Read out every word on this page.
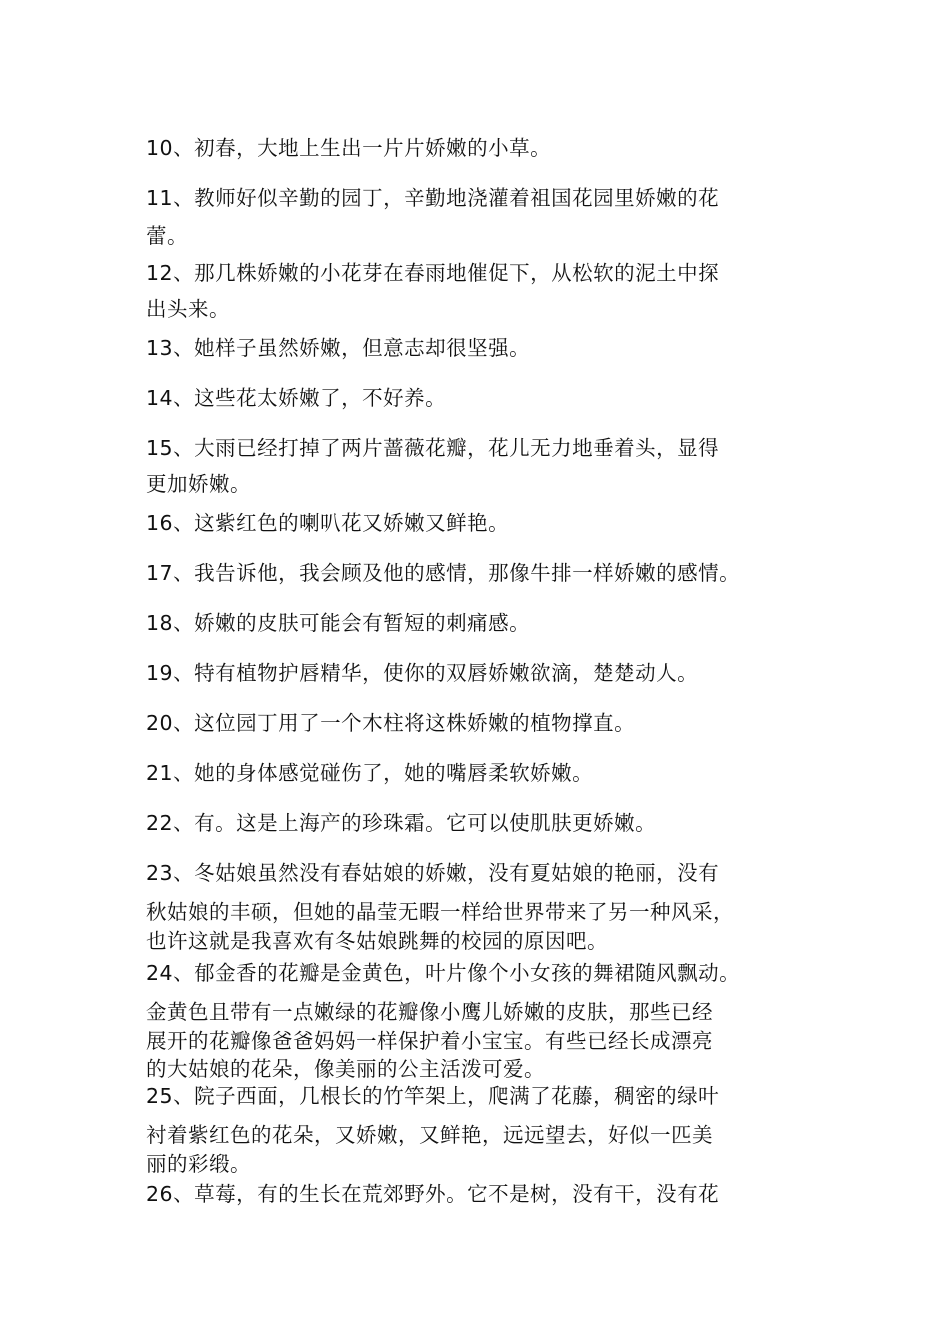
10、初春，大地上生出一片片娇嫩的小草。

11、教师好似辛勤的园丁，辛勤地浇灌着祖国花园里娇嫩的花
蕾。

12、那几株娇嫩的小花芽在春雨地催促下，从松软的泥土中探
出头来。

13、她样子虽然娇嫩，但意志却很坚强。

14、这些花太娇嫩了，不好养。

15、大雨已经打掉了两片蔷薇花瓣，花儿无力地垂着头，显得
更加娇嫩。

16、这紫红色的喇叭花又娇嫩又鲜艳。

17、我告诉他，我会顾及他的感情，那像牛排一样娇嫩的感情。

18、娇嫩的皮肤可能会有暂短的刺痛感。

19、特有植物护唇精华，使你的双唇娇嫩欲滴，楚楚动人。

20、这位园丁用了一个木柱将这株娇嫩的植物撑直。

21、她的身体感觉碰伤了，她的嘴唇柔软娇嫩。

22、有。这是上海产的珍珠霜。它可以使肌肤更娇嫩。

23、冬姑娘虽然没有春姑娘的娇嫩，没有夏姑娘的艳丽，没有
秋姑娘的丰硕，但她的晶莹无暇一样给世界带来了另一种风采，
也许这就是我喜欢有冬姑娘跳舞的校园的原因吧。

24、郁金香的花瓣是金黄色，叶片像个小女孩的舞裙随风飘动。
金黄色且带有一点嫩绿的花瓣像小鹰儿娇嫩的皮肤，那些已经
展开的花瓣像爸爸妈妈一样保护着小宝宝。有些已经长成漂亮
的大姑娘的花朵，像美丽的公主活泼可爱。

25、院子西面，几根长的竹竿架上，爬满了花藤，稠密的绿叶
衬着紫红色的花朵，又娇嫩，又鲜艳，远远望去，好似一匹美
丽的彩缎。

26、草莓，有的生长在荒郊野外。它不是树，没有干，没有花
